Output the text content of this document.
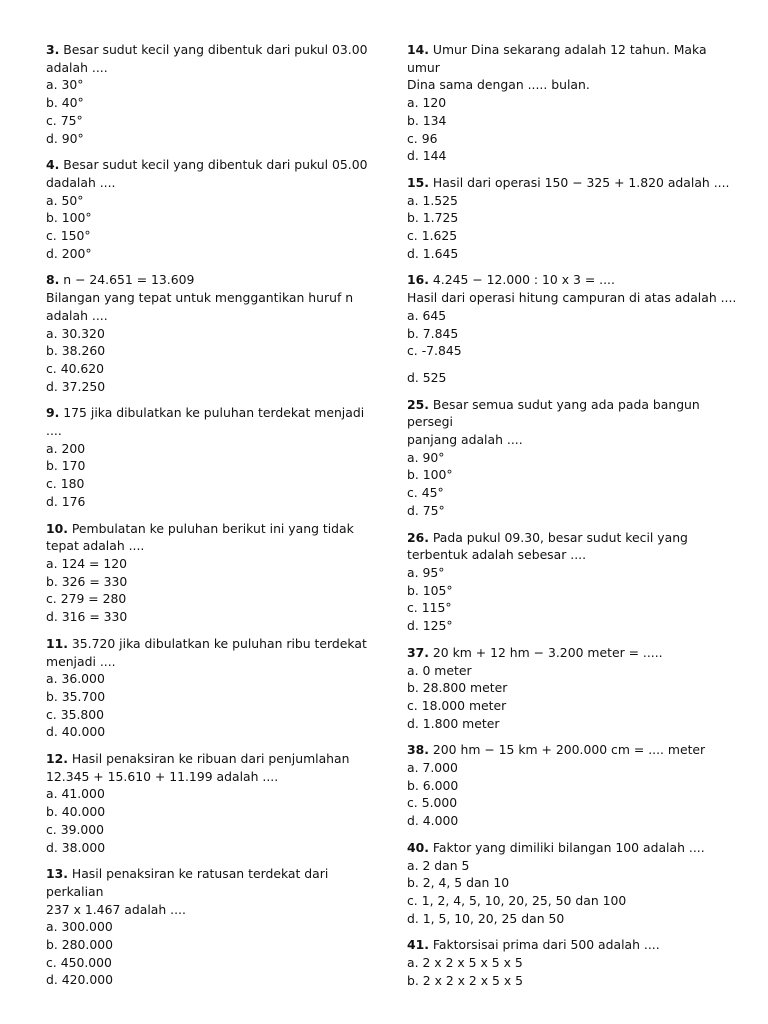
3. Besar sudut kecil yang dibentuk dari pukul 03.00
adalah ....
a. 30°
b. 40°
c. 75°
d. 90°
4. Besar sudut kecil yang dibentuk dari pukul 05.00
dadalah ....
a. 50°
b. 100°
c. 150°
d. 200°
8. n − 24.651 = 13.609
Bilangan yang tepat untuk menggantikan huruf n
adalah ....
a. 30.320
b. 38.260
c. 40.620
d. 37.250
9. 175 jika dibulatkan ke puluhan terdekat menjadi ....
a. 200
b. 170
c. 180
d. 176
10. Pembulatan ke puluhan berikut ini yang tidak
tepat adalah ....
a. 124 = 120
b. 326 = 330
c. 279 = 280
d. 316 = 330
11. 35.720 jika dibulatkan ke puluhan ribu terdekat
menjadi ....
a. 36.000
b. 35.700
c. 35.800
d. 40.000
12. Hasil penaksiran ke ribuan dari penjumlahan
12.345 + 15.610 + 11.199 adalah ....
a. 41.000
b. 40.000
c. 39.000
d. 38.000
13. Hasil penaksiran ke ratusan terdekat dari perkalian
237 x 1.467 adalah ....
a. 300.000
b. 280.000
c. 450.000
d. 420.000
14. Umur Dina sekarang adalah 12 tahun. Maka umur
Dina sama dengan ..... bulan.
a. 120
b. 134
c. 96
d. 144
15. Hasil dari operasi 150 − 325 + 1.820 adalah ....
a. 1.525
b. 1.725
c. 1.625
d. 1.645
16. 4.245 − 12.000 : 10 x 3 = ....
Hasil dari operasi hitung campuran di atas adalah ....
a. 645
b. 7.845
c. -7.845
d. 525
25. Besar semua sudut yang ada pada bangun persegi
panjang adalah ....
a. 90°
b. 100°
c. 45°
d. 75°
26. Pada pukul 09.30, besar sudut kecil yang
terbentuk adalah sebesar ....
a. 95°
b. 105°
c. 115°
d. 125°
37. 20 km + 12 hm − 3.200 meter = .....
a. 0 meter
b. 28.800 meter
c. 18.000 meter
d. 1.800 meter
38. 200 hm − 15 km + 200.000 cm = .... meter
a. 7.000
b. 6.000
c. 5.000
d. 4.000
40. Faktor yang dimiliki bilangan 100 adalah ....
a. 2 dan 5
b. 2, 4, 5 dan 10
c. 1, 2, 4, 5, 10, 20, 25, 50 dan 100
d. 1, 5, 10, 20, 25 dan 50
41. Faktorsisai prima dari 500 adalah ....
a. 2 x 2 x 5 x 5 x 5
b. 2 x 2 x 2 x 5 x 5
